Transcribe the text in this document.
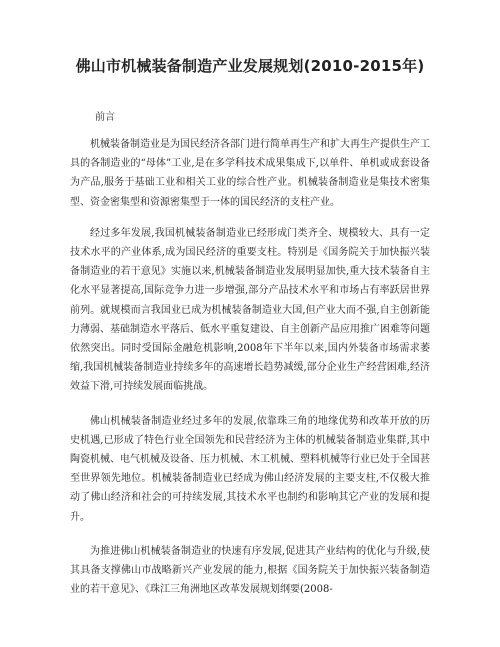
佛山市机械装备制造产业发展规划(2010-2015年)
前言

机械装备制造业是为国民经济各部门进行简单再生产和扩大再生产提供生产工具的各制造业的“母体”工业,是在多学科技术成果集成下,以单件、单机或成套设备为产品,服务于基础工业和相关工业的综合性产业。机械装备制造业是集技术密集型、资金密集型和资源密集型于一体的国民经济的支柱产业。

经过多年发展,我国机械装备制造业已经形成门类齐全、规模较大、具有一定技术水平的产业体系,成为国民经济的重要支柱。特别是《国务院关于加快振兴装备制造业的若干意见》实施以来,机械装备制造业发展明显加快,重大技术装备自主化水平显著提高,国际竞争力进一步增强,部分产品技术水平和市场占有率跃居世界前列。就规模而言我国业已成为机械装备制造业大国,但产业大而不强,自主创新能力薄弱、基础制造水平落后、低水平重复建设、自主创新产品应用推广困难等问题依然突出。同时受国际金融危机影响,2008年下半年以来,国内外装备市场需求萎缩,我国机械装备制造业持续多年的高速增长趋势减缓,部分企业生产经营困难,经济效益下滑,可持续发展面临挑战。

佛山机械装备制造业经过多年的发展,依靠珠三角的地缘优势和改革开放的历史机遇,已形成了特色行业全国领先和民营经济为主体的机械装备制造业集群,其中陶瓷机械、电气机械及设备、压力机械、木工机械、塑料机械等行业已处于全国甚至世界领先地位。机械装备制造业已经成为佛山经济发展的主要支柱,不仅极大推动了佛山经济和社会的可持续发展,其技术水平也制约和影响其它产业的发展和提升。

为推进佛山机械装备制造业的快速有序发展,促进其产业结构的优化与升级,使其具备支撑佛山市战略新兴产业发展的能力,根据《国务院关于加快振兴装备制造业的若干意见》、《珠江三角洲地区改革发展规划纲要(2008-
